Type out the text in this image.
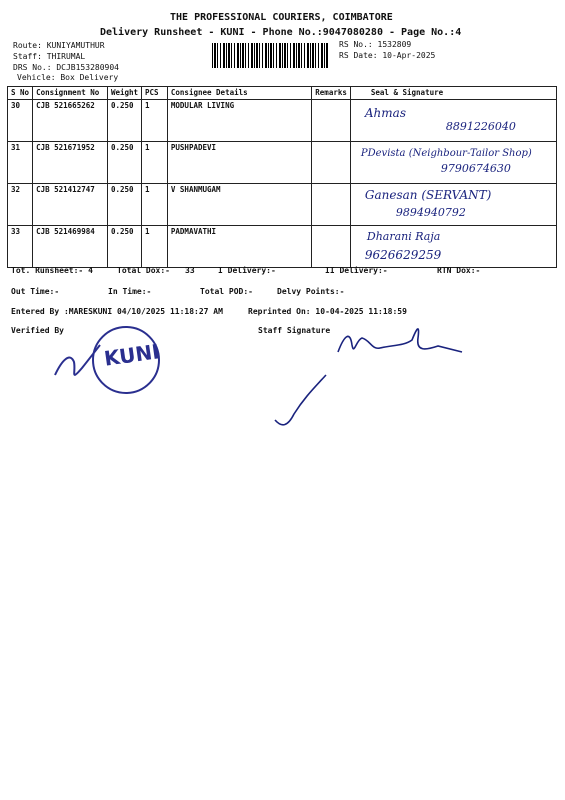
THE PROFESSIONAL COURIERS, COIMBATORE
Delivery Runsheet - KUNI - Phone No.:9047080280 - Page No.:4
Route: KUNIYAMUTHUR
Staff: THIRUMAL
DRS No.: DCJB153280904
Vehicle: Box Delivery
RS No.: 1532809
RS Date: 10-Apr-2025
S No	Consignment No	Weight	PCS	Consignee Details	Remarks	Seal & Signature
30	CJB 521665262	0.250	1	MODULAR LIVING		Ahmas
8891226040

31	CJB 521671952	0.250	1	PUSHPADEVI		PDevista (Neighbour-Tailor Shop)
9790674630

32	CJB 521412747	0.250	1	V SHANMUGAM		Ganesan (SERVANT)
9894940792

33	CJB 521469984	0.250	1	PADMAVATHI		Dharani Raja
9626629259
Tot. Runsheet:- 4	Total Dox:- 33	I Delivery:-	II Delivery:-	RTN Dox:-
Out Time:-	In Time:-	Total POD:-	Delvy Points:-
Entered By :MARESKUNI 04/10/2025 11:18:27 AM	Reprinted On: 10-04-2025 11:18:59
Verified By	Staff Signature
KUNI
